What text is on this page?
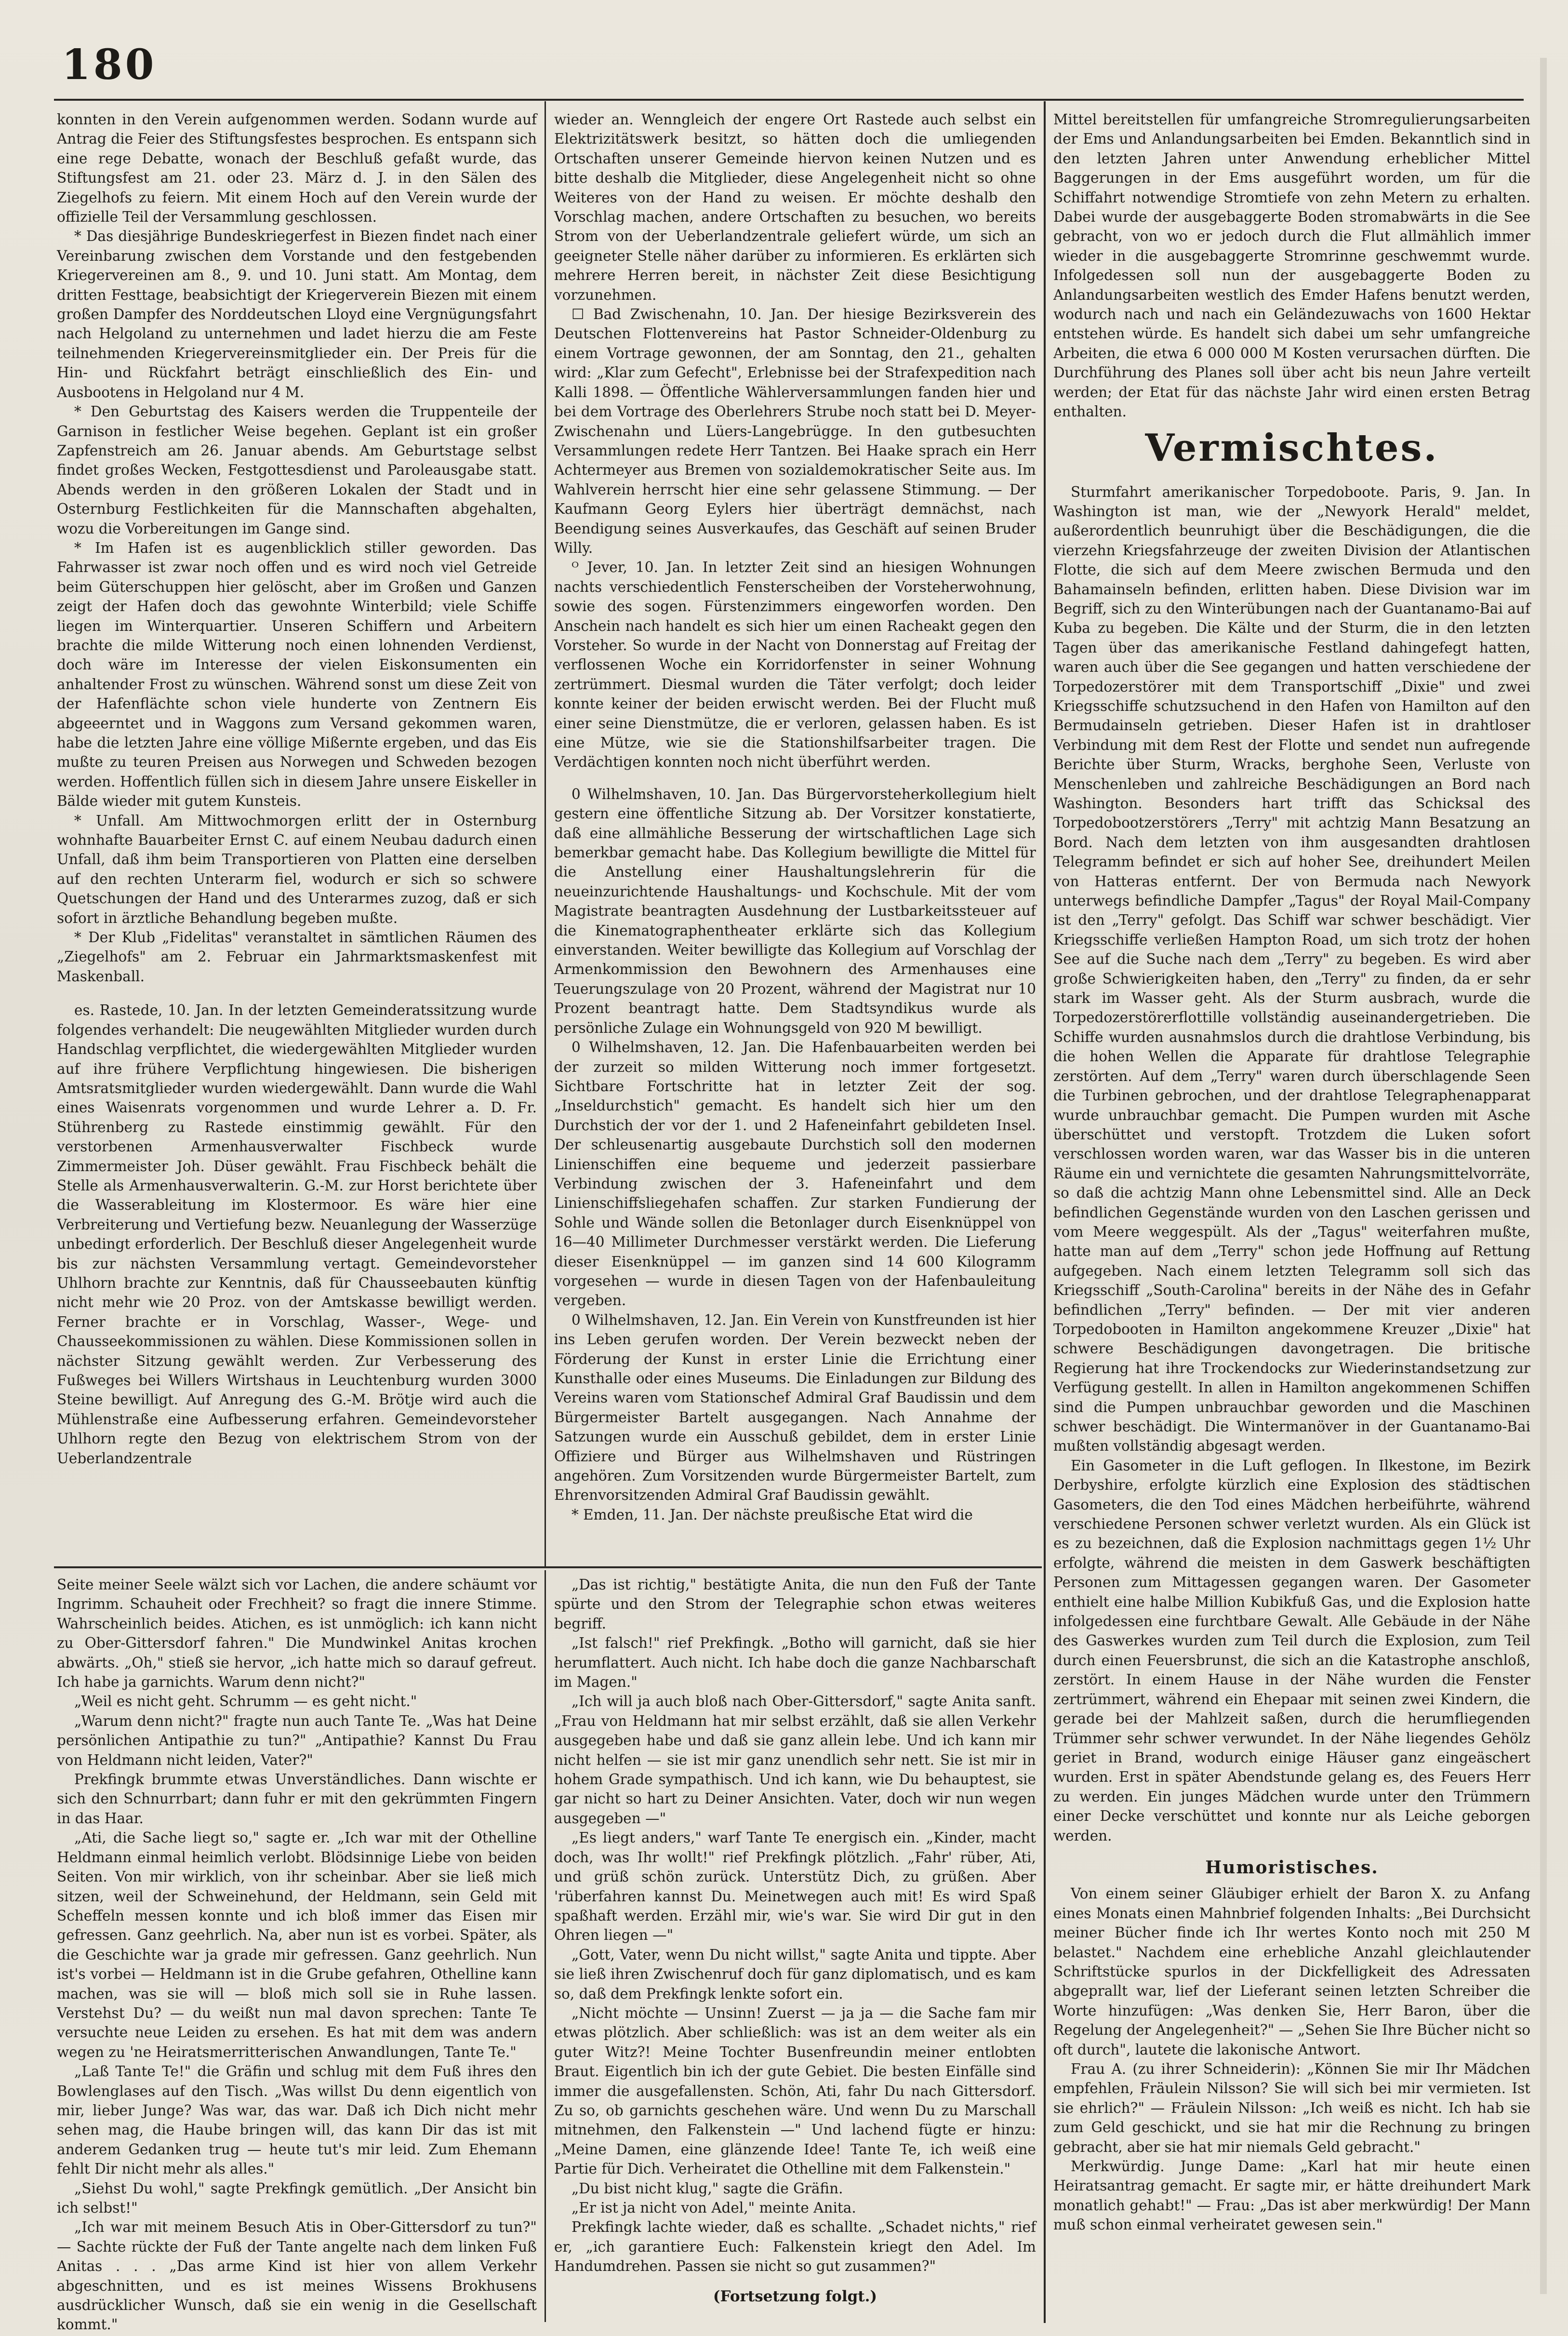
180

konnten in den Verein aufgenommen werden. Sodann wurde auf Antrag die Feier des Stiftungsfestes besprochen. Es entspann sich eine rege Debatte, wonach der Beschluß gefaßt wurde, das Stiftungsfest am 21. oder 23. März d. J. in den Sälen des Ziegelhofs zu feiern. Mit einem Hoch auf den Verein wurde der offizielle Teil der Versammlung geschlossen.

* Das diesjährige Bundeskriegerfest in Biezen findet nach einer Vereinbarung zwischen dem Vorstande und den festgebenden Kriegervereinen am 8., 9. und 10. Juni statt. Am Montag, dem dritten Festtage, beabsichtigt der Kriegerverein Biezen mit einem großen Dampfer des Norddeutschen Lloyd eine Vergnügungsfahrt nach Helgoland zu unternehmen und ladet hierzu die am Feste teilnehmenden Kriegervereinsmitglieder ein. Der Preis für die Hin- und Rückfahrt beträgt einschließlich des Ein- und Ausbootens in Helgoland nur 4 M.

* Den Geburtstag des Kaisers werden die Truppenteile der Garnison in festlicher Weise begehen. Geplant ist ein großer Zapfenstreich am 26. Januar abends. Am Geburtstage selbst findet großes Wecken, Festgottesdienst und Paroleausgabe statt. Abends werden in den größeren Lokalen der Stadt und in Osternburg Festlichkeiten für die Mannschaften abgehalten, wozu die Vorbereitungen im Gange sind.

* Im Hafen ist es augenblicklich stiller geworden. Das Fahrwasser ist zwar noch offen und es wird noch viel Getreide beim Güterschuppen hier gelöscht, aber im Großen und Ganzen zeigt der Hafen doch das gewohnte Winterbild; viele Schiffe liegen im Winterquartier. Unseren Schiffern und Arbeitern brachte die milde Witterung noch einen lohnenden Verdienst, doch wäre im Interesse der vielen Eiskonsumenten ein anhaltender Frost zu wünschen. Während sonst um diese Zeit von der Hafenflächte schon viele hunderte von Zentnern Eis abgeeerntet und in Waggons zum Versand gekommen waren, habe die letzten Jahre eine völlige Mißernte ergeben, und das Eis mußte zu teuren Preisen aus Norwegen und Schweden bezogen werden. Hoffentlich füllen sich in diesem Jahre unsere Eiskeller in Bälde wieder mit gutem Kunsteis.

* Unfall. Am Mittwochmorgen erlitt der in Osternburg wohnhafte Bauarbeiter Ernst C. auf einem Neubau dadurch einen Unfall, daß ihm beim Transportieren von Platten eine derselben auf den rechten Unterarm fiel, wodurch er sich so schwere Quetschungen der Hand und des Unterarmes zuzog, daß er sich sofort in ärztliche Behandlung begeben mußte.

* Der Klub „Fidelitas" veranstaltet in sämtlichen Räumen des „Ziegelhofs" am 2. Februar ein Jahrmarktsmaskenfest mit Maskenball.

es. Rastede, 10. Jan. In der letzten Gemeinderatssitzung wurde folgendes verhandelt: Die neugewählten Mitglieder wurden durch Handschlag verpflichtet, die wiedergewählten Mitglieder wurden auf ihre frühere Verpflichtung hingewiesen. Die bisherigen Amtsratsmitglieder wurden wiedergewählt. Dann wurde die Wahl eines Waisenrats vorgenommen und wurde Lehrer a. D. Fr. Stührenberg zu Rastede einstimmig gewählt. Für den verstorbenen Armenhausverwalter Fischbeck wurde Zimmermeister Joh. Düser gewählt. Frau Fischbeck behält die Stelle als Armenhausverwalterin. G.-M. zur Horst berichtete über die Wasserableitung im Klostermoor. Es wäre hier eine Verbreiterung und Vertiefung bezw. Neuanlegung der Wasserzüge unbedingt erforderlich. Der Beschluß dieser Angelegenheit wurde bis zur nächsten Versammlung vertagt. Gemeindevorsteher Uhlhorn brachte zur Kenntnis, daß für Chausseebauten künftig nicht mehr wie 20 Proz. von der Amtskasse bewilligt werden. Ferner brachte er in Vorschlag, Wasser-, Wege- und Chausseekommissionen zu wählen. Diese Kommissionen sollen in nächster Sitzung gewählt werden. Zur Verbesserung des Fußweges bei Willers Wirtshaus in Leuchtenburg wurden 3000 Steine bewilligt. Auf Anregung des G.-M. Brötje wird auch die Mühlenstraße eine Aufbesserung erfahren. Gemeindevorsteher Uhlhorn regte den Bezug von elektrischem Strom von der Ueberlandzentrale

wieder an. Wenngleich der engere Ort Rastede auch selbst ein Elektrizitätswerk besitzt, so hätten doch die umliegenden Ortschaften unserer Gemeinde hiervon keinen Nutzen und es bitte deshalb die Mitglieder, diese Angelegenheit nicht so ohne Weiteres von der Hand zu weisen. Er möchte deshalb den Vorschlag machen, andere Ortschaften zu besuchen, wo bereits Strom von der Ueberlandzentrale geliefert würde, um sich an geeigneter Stelle näher darüber zu informieren. Es erklärten sich mehrere Herren bereit, in nächster Zeit diese Besichtigung vorzunehmen.

☐ Bad Zwischenahn, 10. Jan. Der hiesige Bezirksverein des Deutschen Flottenvereins hat Pastor Schneider-Oldenburg zu einem Vortrage gewonnen, der am Sonntag, den 21., gehalten wird: „Klar zum Gefecht", Erlebnisse bei der Strafexpedition nach Kalli 1898. — Öffentliche Wählerversammlungen fanden hier und bei dem Vortrage des Oberlehrers Strube noch statt bei D. Meyer-Zwischenahn und Lüers-Langebrügge. In den gutbesuchten Versammlungen redete Herr Tantzen. Bei Haake sprach ein Herr Achtermeyer aus Bremen von sozialdemokratischer Seite aus. Im Wahlverein herrscht hier eine sehr gelassene Stimmung. — Der Kaufmann Georg Eylers hier überträgt demnächst, nach Beendigung seines Ausverkaufes, das Geschäft auf seinen Bruder Willy.

ᴼ Jever, 10. Jan. In letzter Zeit sind an hiesigen Wohnungen nachts verschiedentlich Fensterscheiben der Vorsteherwohnung, sowie des sogen. Fürstenzimmers eingeworfen worden. Den Anschein nach handelt es sich hier um einen Racheakt gegen den Vorsteher. So wurde in der Nacht von Donnerstag auf Freitag der verflossenen Woche ein Korridorfenster in seiner Wohnung zertrümmert. Diesmal wurden die Täter verfolgt; doch leider konnte keiner der beiden erwischt werden. Bei der Flucht muß einer seine Dienstmütze, die er verloren, gelassen haben. Es ist eine Mütze, wie sie die Stationshilfsarbeiter tragen. Die Verdächtigen konnten noch nicht überführt werden.

0 Wilhelmshaven, 10. Jan. Das Bürgervorsteherkollegium hielt gestern eine öffentliche Sitzung ab. Der Vorsitzer konstatierte, daß eine allmähliche Besserung der wirtschaftlichen Lage sich bemerkbar gemacht habe. Das Kollegium bewilligte die Mittel für die Anstellung einer Haushaltungslehrerin für die neueinzurichtende Haushaltungs- und Kochschule. Mit der vom Magistrate beantragten Ausdehnung der Lustbarkeitssteuer auf die Kinematographentheater erklärte sich das Kollegium einverstanden. Weiter bewilligte das Kollegium auf Vorschlag der Armenkommission den Bewohnern des Armenhauses eine Teuerungszulage von 20 Prozent, während der Magistrat nur 10 Prozent beantragt hatte. Dem Stadtsyndikus wurde als persönliche Zulage ein Wohnungsgeld von 920 M bewilligt.

0 Wilhelmshaven, 12. Jan. Die Hafenbauarbeiten werden bei der zurzeit so milden Witterung noch immer fortgesetzt. Sichtbare Fortschritte hat in letzter Zeit der sog. „Inseldurchstich" gemacht. Es handelt sich hier um den Durchstich der vor der 1. und 2 Hafeneinfahrt gebildeten Insel. Der schleusenartig ausgebaute Durchstich soll den modernen Linienschiffen eine bequeme und jederzeit passierbare Verbindung zwischen der 3. Hafeneinfahrt und dem Linienschiffsliegehafen schaffen. Zur starken Fundierung der Sohle und Wände sollen die Betonlager durch Eisenknüppel von 16—40 Millimeter Durchmesser verstärkt werden. Die Lieferung dieser Eisenknüppel — im ganzen sind 14 600 Kilogramm vorgesehen — wurde in diesen Tagen von der Hafenbauleitung vergeben.

0 Wilhelmshaven, 12. Jan. Ein Verein von Kunstfreunden ist hier ins Leben gerufen worden. Der Verein bezweckt neben der Förderung der Kunst in erster Linie die Errichtung einer Kunsthalle oder eines Museums. Die Einladungen zur Bildung des Vereins waren vom Stationschef Admiral Graf Baudissin und dem Bürgermeister Bartelt ausgegangen. Nach Annahme der Satzungen wurde ein Ausschuß gebildet, dem in erster Linie Offiziere und Bürger aus Wilhelmshaven und Rüstringen angehören. Zum Vorsitzenden wurde Bürgermeister Bartelt, zum Ehrenvorsitzenden Admiral Graf Baudissin gewählt.

* Emden, 11. Jan. Der nächste preußische Etat wird die

Mittel bereitstellen für umfangreiche Stromregulierungsarbeiten der Ems und Anlandungsarbeiten bei Emden. Bekanntlich sind in den letzten Jahren unter Anwendung erheblicher Mittel Baggerungen in der Ems ausgeführt worden, um für die Schiffahrt notwendige Stromtiefe von zehn Metern zu erhalten. Dabei wurde der ausgebaggerte Boden stromabwärts in die See gebracht, von wo er jedoch durch die Flut allmählich immer wieder in die ausgebaggerte Stromrinne geschwemmt wurde. Infolgedessen soll nun der ausgebaggerte Boden zu Anlandungsarbeiten westlich des Emder Hafens benutzt werden, wodurch nach und nach ein Geländezuwachs von 1600 Hektar entstehen würde. Es handelt sich dabei um sehr umfangreiche Arbeiten, die etwa 6 000 000 M Kosten verursachen dürften. Die Durchführung des Planes soll über acht bis neun Jahre verteilt werden; der Etat für das nächste Jahr wird einen ersten Betrag enthalten.

Vermischtes.

Sturmfahrt amerikanischer Torpedoboote. Paris, 9. Jan. In Washington ist man, wie der „Newyork Herald" meldet, außerordentlich beunruhigt über die Beschädigungen, die die vierzehn Kriegsfahrzeuge der zweiten Division der Atlantischen Flotte, die sich auf dem Meere zwischen Bermuda und den Bahamainseln befinden, erlitten haben. Diese Division war im Begriff, sich zu den Winterübungen nach der Guantanamo-Bai auf Kuba zu begeben. Die Kälte und der Sturm, die in den letzten Tagen über das amerikanische Festland dahingefegt hatten, waren auch über die See gegangen und hatten verschiedene der Torpedozerstörer mit dem Transportschiff „Dixie" und zwei Kriegsschiffe schutzsuchend in den Hafen von Hamilton auf den Bermudainseln getrieben. Dieser Hafen ist in drahtloser Verbindung mit dem Rest der Flotte und sendet nun aufregende Berichte über Sturm, Wracks, berghohe Seen, Verluste von Menschenleben und zahlreiche Beschädigungen an Bord nach Washington. Besonders hart trifft das Schicksal des Torpedobootzerstörers „Terry" mit achtzig Mann Besatzung an Bord. Nach dem letzten von ihm ausgesandten drahtlosen Telegramm befindet er sich auf hoher See, dreihundert Meilen von Hatteras entfernt. Der von Bermuda nach Newyork unterwegs befindliche Dampfer „Tagus" der Royal Mail-Company ist den „Terry" gefolgt. Das Schiff war schwer beschädigt. Vier Kriegsschiffe verließen Hampton Road, um sich trotz der hohen See auf die Suche nach dem „Terry" zu begeben. Es wird aber große Schwierigkeiten haben, den „Terry" zu finden, da er sehr stark im Wasser geht. Als der Sturm ausbrach, wurde die Torpedozerstörerflottille vollständig auseinandergetrieben. Die Schiffe wurden ausnahmslos durch die drahtlose Verbindung, bis die hohen Wellen die Apparate für drahtlose Telegraphie zerstörten. Auf dem „Terry" waren durch überschlagende Seen die Turbinen gebrochen, und der drahtlose Telegraphenapparat wurde unbrauchbar gemacht. Die Pumpen wurden mit Asche überschüttet und verstopft. Trotzdem die Luken sofort verschlossen worden waren, war das Wasser bis in die unteren Räume ein und vernichtete die gesamten Nahrungsmittelvorräte, so daß die achtzig Mann ohne Lebensmittel sind. Alle an Deck befindlichen Gegenstände wurden von den Laschen gerissen und vom Meere weggespült. Als der „Tagus" weiterfahren mußte, hatte man auf dem „Terry" schon jede Hoffnung auf Rettung aufgegeben. Nach einem letzten Telegramm soll sich das Kriegsschiff „South-Carolina" bereits in der Nähe des in Gefahr befindlichen „Terry" befinden. — Der mit vier anderen Torpedobooten in Hamilton angekommene Kreuzer „Dixie" hat schwere Beschädigungen davongetragen. Die britische Regierung hat ihre Trockendocks zur Wiederinstandsetzung zur Verfügung gestellt. In allen in Hamilton angekommenen Schiffen sind die Pumpen unbrauchbar geworden und die Maschinen schwer beschädigt. Die Wintermanöver in der Guantanamo-Bai mußten vollständig abgesagt werden.

Ein Gasometer in die Luft geflogen. In Ilkestone, im Bezirk Derbyshire, erfolgte kürzlich eine Explosion des städtischen Gasometers, die den Tod eines Mädchen herbeiführte, während verschiedene Personen schwer verletzt wurden. Als ein Glück ist es zu bezeichnen, daß die Explosion nachmittags gegen 1½ Uhr erfolgte, während die meisten in dem Gaswerk beschäftigten Personen zum Mittagessen gegangen waren. Der Gasometer enthielt eine halbe Million Kubikfuß Gas, und die Explosion hatte infolgedessen eine furchtbare Gewalt. Alle Gebäude in der Nähe des Gaswerkes wurden zum Teil durch die Explosion, zum Teil durch einen Feuersbrunst, die sich an die Katastrophe anschloß, zerstört. In einem Hause in der Nähe wurden die Fenster zertrümmert, während ein Ehepaar mit seinen zwei Kindern, die gerade bei der Mahlzeit saßen, durch die herumfliegenden Trümmer sehr schwer verwundet. In der Nähe liegendes Gehölz geriet in Brand, wodurch einige Häuser ganz eingeäschert wurden. Erst in später Abendstunde gelang es, des Feuers Herr zu werden. Ein junges Mädchen wurde unter den Trümmern einer Decke verschüttet und konnte nur als Leiche geborgen werden.

Humoristisches.

Von einem seiner Gläubiger erhielt der Baron X. zu Anfang eines Monats einen Mahnbrief folgenden Inhalts: „Bei Durchsicht meiner Bücher finde ich Ihr wertes Konto noch mit 250 M belastet." Nachdem eine erhebliche Anzahl gleichlautender Schriftstücke spurlos in der Dickfelligkeit des Adressaten abgeprallt war, lief der Lieferant seinen letzten Schreiber die Worte hinzufügen: „Was denken Sie, Herr Baron, über die Regelung der Angelegenheit?" — „Sehen Sie Ihre Bücher nicht so oft durch", lautete die lakonische Antwort.

Frau A. (zu ihrer Schneiderin): „Können Sie mir Ihr Mädchen empfehlen, Fräulein Nilsson? Sie will sich bei mir vermieten. Ist sie ehrlich?" — Fräulein Nilsson: „Ich weiß es nicht. Ich hab sie zum Geld geschickt, und sie hat mir die Rechnung zu bringen gebracht, aber sie hat mir niemals Geld gebracht."

Merkwürdig. Junge Dame: „Karl hat mir heute einen Heiratsantrag gemacht. Er sagte mir, er hätte dreihundert Mark monatlich gehabt!" — Frau: „Das ist aber merkwürdig! Der Mann muß schon einmal verheiratet gewesen sein."

Seite meiner Seele wälzt sich vor Lachen, die andere schäumt vor Ingrimm. Schauheit oder Frechheit? so fragt die innere Stimme. Wahrscheinlich beides. Atichen, es ist unmöglich: ich kann nicht zu Ober-Gittersdorf fahren." Die Mundwinkel Anitas krochen abwärts. „Oh," stieß sie hervor, „ich hatte mich so darauf gefreut. Ich habe ja garnichts. Warum denn nicht?"

„Weil es nicht geht. Schrumm — es geht nicht."

„Warum denn nicht?" fragte nun auch Tante Te. „Was hat Deine persönlichen Antipathie zu tun?" „Antipathie? Kannst Du Frau von Heldmann nicht leiden, Vater?"

Prekfingk brummte etwas Unverständliches. Dann wischte er sich den Schnurrbart; dann fuhr er mit den gekrümmten Fingern in das Haar.

„Ati, die Sache liegt so," sagte er. „Ich war mit der Othelline Heldmann einmal heimlich verlobt. Blödsinnige Liebe von beiden Seiten. Von mir wirklich, von ihr scheinbar. Aber sie ließ mich sitzen, weil der Schweinehund, der Heldmann, sein Geld mit Scheffeln messen konnte und ich bloß immer das Eisen mir gefressen. Ganz geehrlich. Na, aber nun ist es vorbei. Später, als die Geschichte war ja grade mir gefressen. Ganz geehrlich. Nun ist's vorbei — Heldmann ist in die Grube gefahren, Othelline kann machen, was sie will — bloß mich soll sie in Ruhe lassen. Verstehst Du? — du weißt nun mal davon sprechen: Tante Te versuchte neue Leiden zu ersehen. Es hat mit dem was andern wegen zu 'ne Heiratsmerritterischen Anwandlungen, Tante Te."

„Laß Tante Te!" die Gräfin und schlug mit dem Fuß ihres den Bowlenglases auf den Tisch. „Was willst Du denn eigentlich von mir, lieber Junge? Was war, das war. Daß ich Dich nicht mehr sehen mag, die Haube bringen will, das kann Dir das ist mit anderem Gedanken trug — heute tut's mir leid. Zum Ehemann fehlt Dir nicht mehr als alles."

„Siehst Du wohl," sagte Prekfingk gemütlich. „Der Ansicht bin ich selbst!"

„Ich war mit meinem Besuch Atis in Ober-Gittersdorf zu tun?" — Sachte rückte der Fuß der Tante angelte nach dem linken Fuß Anitas . . . „Das arme Kind ist hier von allem Verkehr abgeschnitten, und es ist meines Wissens Brokhusens ausdrücklicher Wunsch, daß sie ein wenig in die Gesellschaft kommt."

„Das ist richtig," bestätigte Anita, die nun den Fuß der Tante spürte und den Strom der Telegraphie schon etwas weiteres begriff.

„Ist falsch!" rief Prekfingk. „Botho will garnicht, daß sie hier herumflattert. Auch nicht. Ich habe doch die ganze Nachbarschaft im Magen."

„Ich will ja auch bloß nach Ober-Gittersdorf," sagte Anita sanft. „Frau von Heldmann hat mir selbst erzählt, daß sie allen Verkehr ausgegeben habe und daß sie ganz allein lebe. Und ich kann mir nicht helfen — sie ist mir ganz unendlich sehr nett. Sie ist mir in hohem Grade sympathisch. Und ich kann, wie Du behauptest, sie gar nicht so hart zu Deiner Ansichten. Vater, doch wir nun wegen ausgegeben —"

„Es liegt anders," warf Tante Te energisch ein. „Kinder, macht doch, was Ihr wollt!" rief Prekfingk plötzlich. „Fahr' rüber, Ati, und grüß schön zurück. Unterstütz Dich, zu grüßen. Aber 'rüberfahren kannst Du. Meinetwegen auch mit! Es wird Spaß spaßhaft werden. Erzähl mir, wie's war. Sie wird Dir gut in den Ohren liegen —"

„Gott, Vater, wenn Du nicht willst," sagte Anita und tippte. Aber sie ließ ihren Zwischenruf doch für ganz diplomatisch, und es kam so, daß dem Prekfingk lenkte sofort ein.

„Nicht möchte — Unsinn! Zuerst — ja ja — die Sache fam mir etwas plötzlich. Aber schließlich: was ist an dem weiter als ein guter Witz?! Meine Tochter Busenfreundin meiner entlobten Braut. Eigentlich bin ich der gute Gebiet. Die besten Einfälle sind immer die ausgefallensten. Schön, Ati, fahr Du nach Gittersdorf. Zu so, ob garnichts geschehen wäre. Und wenn Du zu Marschall mitnehmen, den Falkenstein —" Und lachend fügte er hinzu: „Meine Damen, eine glänzende Idee! Tante Te, ich weiß eine Partie für Dich. Verheiratet die Othelline mit dem Falkenstein."

„Du bist nicht klug," sagte die Gräfin.

„Er ist ja nicht von Adel," meinte Anita.

Prekfingk lachte wieder, daß es schallte. „Schadet nichts," rief er, „ich garantiere Euch: Falkenstein kriegt den Adel. Im Handumdrehen. Passen sie nicht so gut zusammen?"

(Fortsetzung folgt.)
